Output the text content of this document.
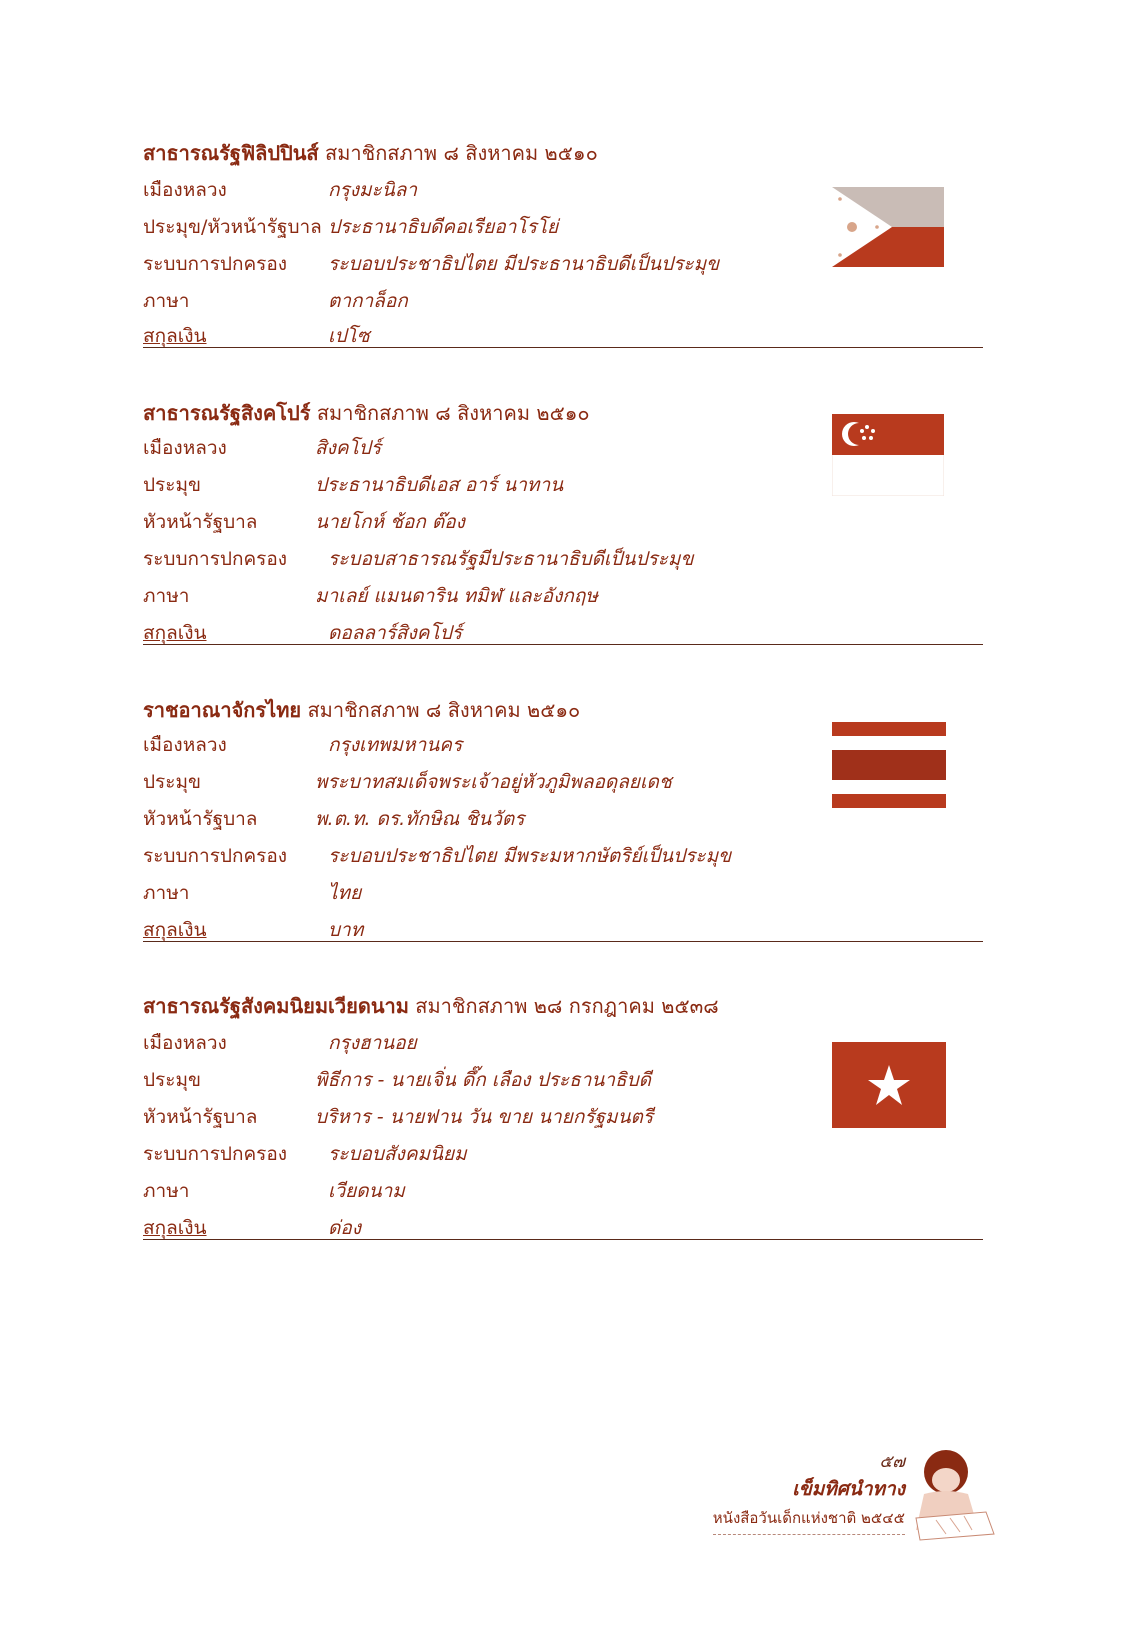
สาธารณรัฐฟิลิปปินส์ สมาชิกสภาพ ๘ สิงหาคม ๒๕๑๐
เมืองหลวง	กรุงมะนิลา
ประมุข/หัวหน้ารัฐบาล ประธานาธิบดีคอเรียอาโรโย่
ระบบการปกครอง ระบอบประชาธิปไตย มีประธานาธิบดีเป็นประมุข
ภาษา	ตากาล็อก
สกุลเงิน	เปโซ
สาธารณรัฐสิงคโปร์ สมาชิกสภาพ ๘ สิงหาคม ๒๕๑๐
เมืองหลวง	สิงคโปร์
ประมุข	ประธานาธิบดีเอส อาร์ นาทาน
หัวหน้ารัฐบาล	นายโกห์ ช้อก ต๊อง
ระบบการปกครอง ระบอบสาธารณรัฐมีประธานาธิบดีเป็นประมุข
ภาษา	มาเลย์ แมนดาริน ทมิฬ และอังกฤษ
สกุลเงิน	ดอลลาร์สิงคโปร์
ราชอาณาจักรไทย สมาชิกสภาพ ๘ สิงหาคม ๒๕๑๐
เมืองหลวง	กรุงเทพมหานคร
ประมุข	พระบาทสมเด็จพระเจ้าอยู่หัวภูมิพลอดุลยเดช
หัวหน้ารัฐบาล	พ.ต.ท. ดร.ทักษิณ ชินวัตร
ระบบการปกครอง ระบอบประชาธิปไตย มีพระมหากษัตริย์เป็นประมุข
ภาษา	ไทย
สกุลเงิน	บาท
สาธารณรัฐสังคมนิยมเวียดนาม สมาชิกสภาพ ๒๘ กรกฎาคม ๒๕๓๘
เมืองหลวง	กรุงฮานอย
ประมุข	พิธีการ - นายเจิ่น ดึ๊ก เลือง ประธานาธิบดี
หัวหน้ารัฐบาล	บริหาร - นายฟาน วัน ขาย นายกรัฐมนตรี
ระบบการปกครอง ระบอบสังคมนิยม
ภาษา	เวียดนาม
สกุลเงิน	ด่อง
๕๗
เข็มทิศนำทาง
หนังสือวันเด็กแห่งชาติ ๒๕๔๕
